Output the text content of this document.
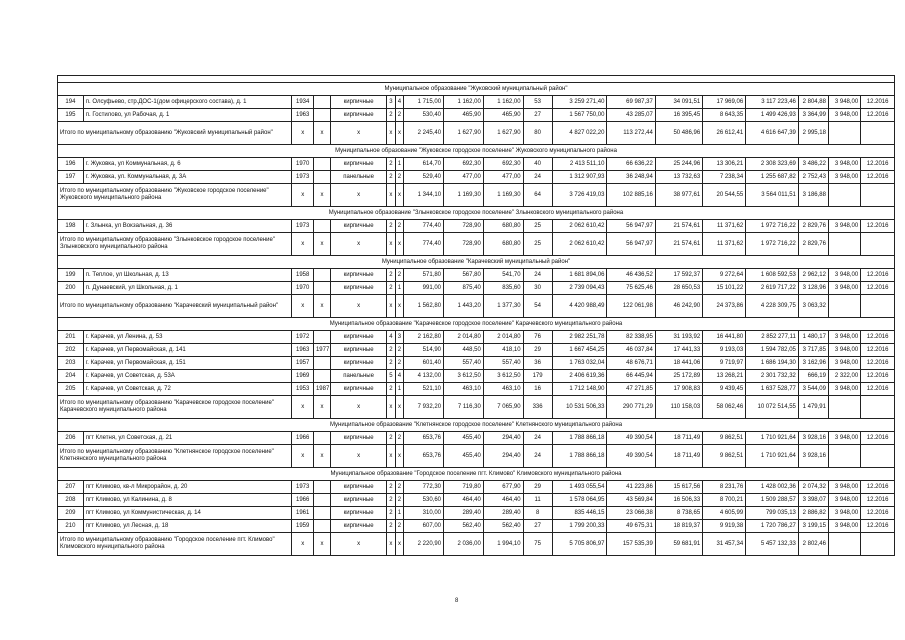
Муниципальное образование "Жуковский муниципальный район"																		
194	п. Олсуфьево, стр.ДОС-1(дом офицерского состава), д. 1	1934		кирпичные	3	4	1 715,00	1 162,00	1 162,00	53	3 259 271,40	69 987,37	34 091,51	17 969,06	3 117 223,46	2 804,88	3 948,00	12.2016
195	п. Гостилово, ул Рабочая, д. 1	1963		кирпичные	2	2	530,40	465,90	465,90	27	1 567 750,00	43 285,07	16 395,45	8 643,35	1 499 426,93	3 364,99	3 948,00	12.2016
Итого по муниципальному образованию "Жуковский муниципальный район"		х	х	х	х	х	2 245,40	1 627,90	1 627,90	80	4 827 022,20	113 272,44	50 486,96	26 612,41	4 616 647,39	2 995,18		
Муниципальное образование "Жуковское городское поселение" Жуковского муниципального района																		
196	г. Жуковка, ул Коммунальная, д. 6	1970		кирпичные	2	1	614,70	692,30	692,30	40	2 413 511,10	66 636,22	25 244,96	13 306,21	2 308 323,69	3 486,22	3 948,00	12.2016
197	г. Жуковка, ул. Коммунальная, д. 3А	1973		панельные	2	2	529,40	477,00	477,00	24	1 312 907,93	36 248,94	13 732,63	7 238,34	1 255 687,82	2 752,43	3 948,00	12.2016
Итого по муниципальному образованию "Жуковское городское поселение" Жуковского муниципального района		х	х	х	х	х	1 344,10	1 169,30	1 169,30	64	3 726 419,03	102 885,16	38 977,61	20 544,55	3 564 011,51	3 186,88		
Муниципальное образование "Злынковское городское поселение" Злынковского муниципального района																		
198	г. Злынка, ул Вокзальная, д. 36	1973		кирпичные	2	2	774,40	728,90	680,80	25	2 062 610,42	56 947,97	21 574,61	11 371,62	1 972 716,22	2 829,76	3 948,00	12.2016
Итого по муниципальному образованию "Злынковское городское поселение" Злынковского муниципального района		х	х	х	х	х	774,40	728,90	680,80	25	2 062 610,42	56 947,97	21 574,61	11 371,62	1 972 716,22	2 829,76		
Муниципальное образование "Карачевский муниципальный район"																		
199	п. Теплое, ул Школьная, д. 13	1958		кирпичные	2	2	571,80	567,80	541,70	24	1 681 894,06	46 436,52	17 592,37	9 272,64	1 608 592,53	2 962,12	3 948,00	12.2016
200	п. Дунаевский, ул Школьная, д. 1	1970		кирпичные	2	1	991,00	875,40	835,60	30	2 739 094,43	75 625,46	28 650,53	15 101,22	2 619 717,22	3 128,96	3 948,00	12.2016
Итого по муниципальному образованию "Карачевский муниципальный район"		х	х	х	х	х	1 562,80	1 443,20	1 377,30	54	4 420 988,49	122 061,98	46 242,90	24 373,86	4 228 309,75	3 063,32		
Муниципальное образование "Карачевское городское поселение" Карачевского муниципального района																		
201	г. Карачев, ул Ленина, д. 53	1972		кирпичные	4	3	2 162,80	2 014,80	2 014,80	76	2 982 251,78	82 338,95	31 193,92	16 441,80	2 852 277,11	1 480,17	3 948,00	12.2016
202	г. Карачев, ул Первомайская, д. 141	1963	1977	кирпичные	2	2	514,90	448,50	418,10	29	1 667 454,25	46 037,84	17 441,33	9 193,03	1 594 782,05	3 717,85	3 948,00	12.2016
203	г. Карачев, ул Первомайская, д. 151	1957		кирпичные	2	2	601,40	557,40	557,40	36	1 763 032,04	48 676,71	18 441,06	9 719,97	1 686 194,30	3 162,96	3 948,00	12.2016
204	г. Карачев, ул Советская, д. 53А	1969		панельные	5	4	4 132,00	3 612,50	3 612,50	179	2 406 619,36	66 445,94	25 172,89	13 268,21	2 301 732,32	666,19	2 322,00	12.2016
205	г. Карачев, ул Советская, д. 72	1953	1987	кирпичные	2	1	521,10	463,10	463,10	16	1 712 148,90	47 271,85	17 908,83	9 439,45	1 637 528,77	3 544,09	3 948,00	12.2016
Итого по муниципальному образованию "Карачевское городское поселение" Карачевского муниципального района		х	х	х	х	х	7 932,20	7 116,30	7 065,90	336	10 531 506,33	290 771,29	110 158,03	58 062,46	10 072 514,55	1 479,91		
Муниципальное образование "Клетнянское городское поселение" Клетнянского муниципального района																		
206	пгт Клетня, ул Советская, д. 21	1966		кирпичные	2	2	653,76	455,40	294,40	24	1 788 866,18	49 390,54	18 711,49	9 862,51	1 710 921,64	3 928,16	3 948,00	12.2016
Итого по муниципальному образованию "Клетнянское городское поселение" Клетнянского муниципального района		х	х	х	х	х	653,76	455,40	294,40	24	1 788 866,18	49 390,54	18 711,49	9 862,51	1 710 921,64	3 928,16		
Муниципальное образование "Городское поселение пгт. Климово" Климовского муниципального района																		
207	пгт Климово, кв-л Микрорайон, д. 20	1973		кирпичные	2	2	772,30	719,80	677,90	29	1 493 055,54	41 223,86	15 617,56	8 231,76	1 428 002,36	2 074,32	3 948,00	12.2016
208	пгт Климово, ул Калинина, д. 8	1966		кирпичные	2	2	530,60	464,40	464,40	11	1 578 064,95	43 569,84	16 506,33	8 700,21	1 509 288,57	3 398,07	3 948,00	12.2016
209	пгт Климово, ул Коммунистическая, д. 14	1961		кирпичные	2	1	310,00	289,40	289,40	8	835 446,15	23 066,38	8 738,65	4 605,99	799 035,13	2 886,82	3 948,00	12.2016
210	пгт Климово, ул Лесная, д. 18	1959		кирпичные	2	2	607,00	562,40	562,40	27	1 799 200,33	49 675,31	18 819,37	9 919,38	1 720 786,27	3 199,15	3 948,00	12.2016
Итого по муниципальному образованию "Городское поселение пгт. Климово" Климовского муниципального района		х	х	х	х	х	2 220,90	2 036,00	1 994,10	75	5 705 806,97	157 535,39	59 681,91	31 457,34	5 457 132,33	2 802,46		
8
